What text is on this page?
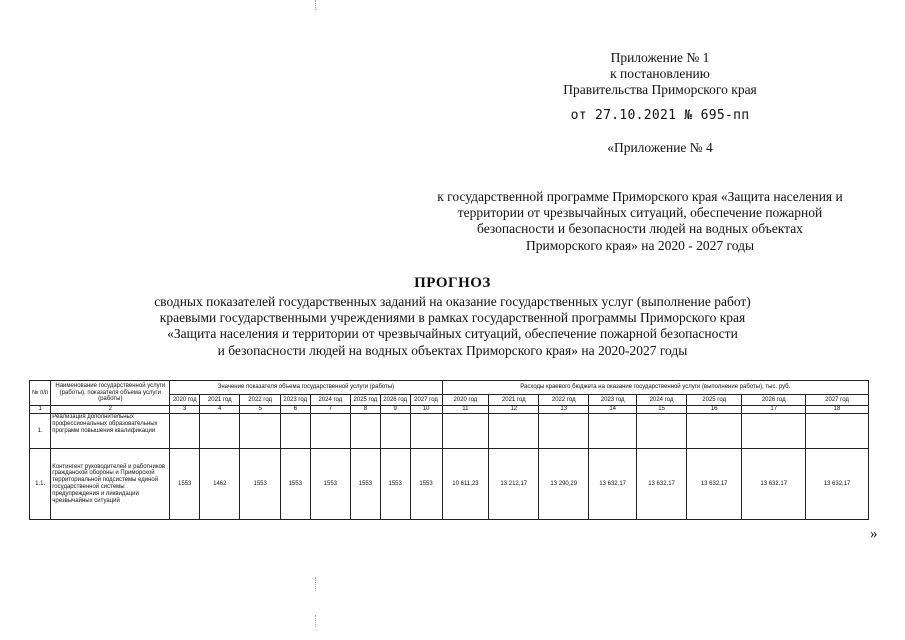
Приложение № 1
к постановлению
Правительства Приморского края
от 27.10.2021 № 695-пп
«Приложение № 4
к государственной программе Приморского края «Защита населения и
территории от чрезвычайных ситуаций, обеспечение пожарной
безопасности и безопасности людей на водных объектах
Приморского края» на 2020 - 2027 годы
ПРОГНОЗ
сводных показателей государственных заданий на оказание государственных услуг (выполнение работ)
краевыми государственными учреждениями в рамках государственной программы Приморского края
«Защита населения и территории от чрезвычайных ситуаций, обеспечение пожарной безопасности
и безопасности людей на водных объектах Приморского края» на 2020-2027 годы
№ п/п	Наименование государственной услуги (работы), показателя объема услуги (работы)	Значение показателя объема государственной услуги (работы)								Расходы краевого бюджета на оказание государственной услуги (выполнение работы), тыс. руб.							
		2020 год	2021 год	2022 год	2023 год	2024 год	2025 год	2026 год	2027 год	2020 год	2021 год	2022 год	2023 год	2024 год	2025 год	2026 год	2027 год
1	2	3	4	5	6	7	8	9	10	11	12	13	14	15	16	17	18
1.	Реализация дополнительных профессиональных образовательных программ повышения квалификации																
1.1.	Контингент руководителей и работников гражданской обороны и Приморской территориальной подсистемы единой государственной системы предупреждения и ликвидации чрезвычайных ситуаций	1553	1462	1553	1553	1553	1553	1553	1553	10 611,23	13 212,17	13 290,29	13 632,17	13 632,17	13 632,17	13 632,17	13 632,17
»
